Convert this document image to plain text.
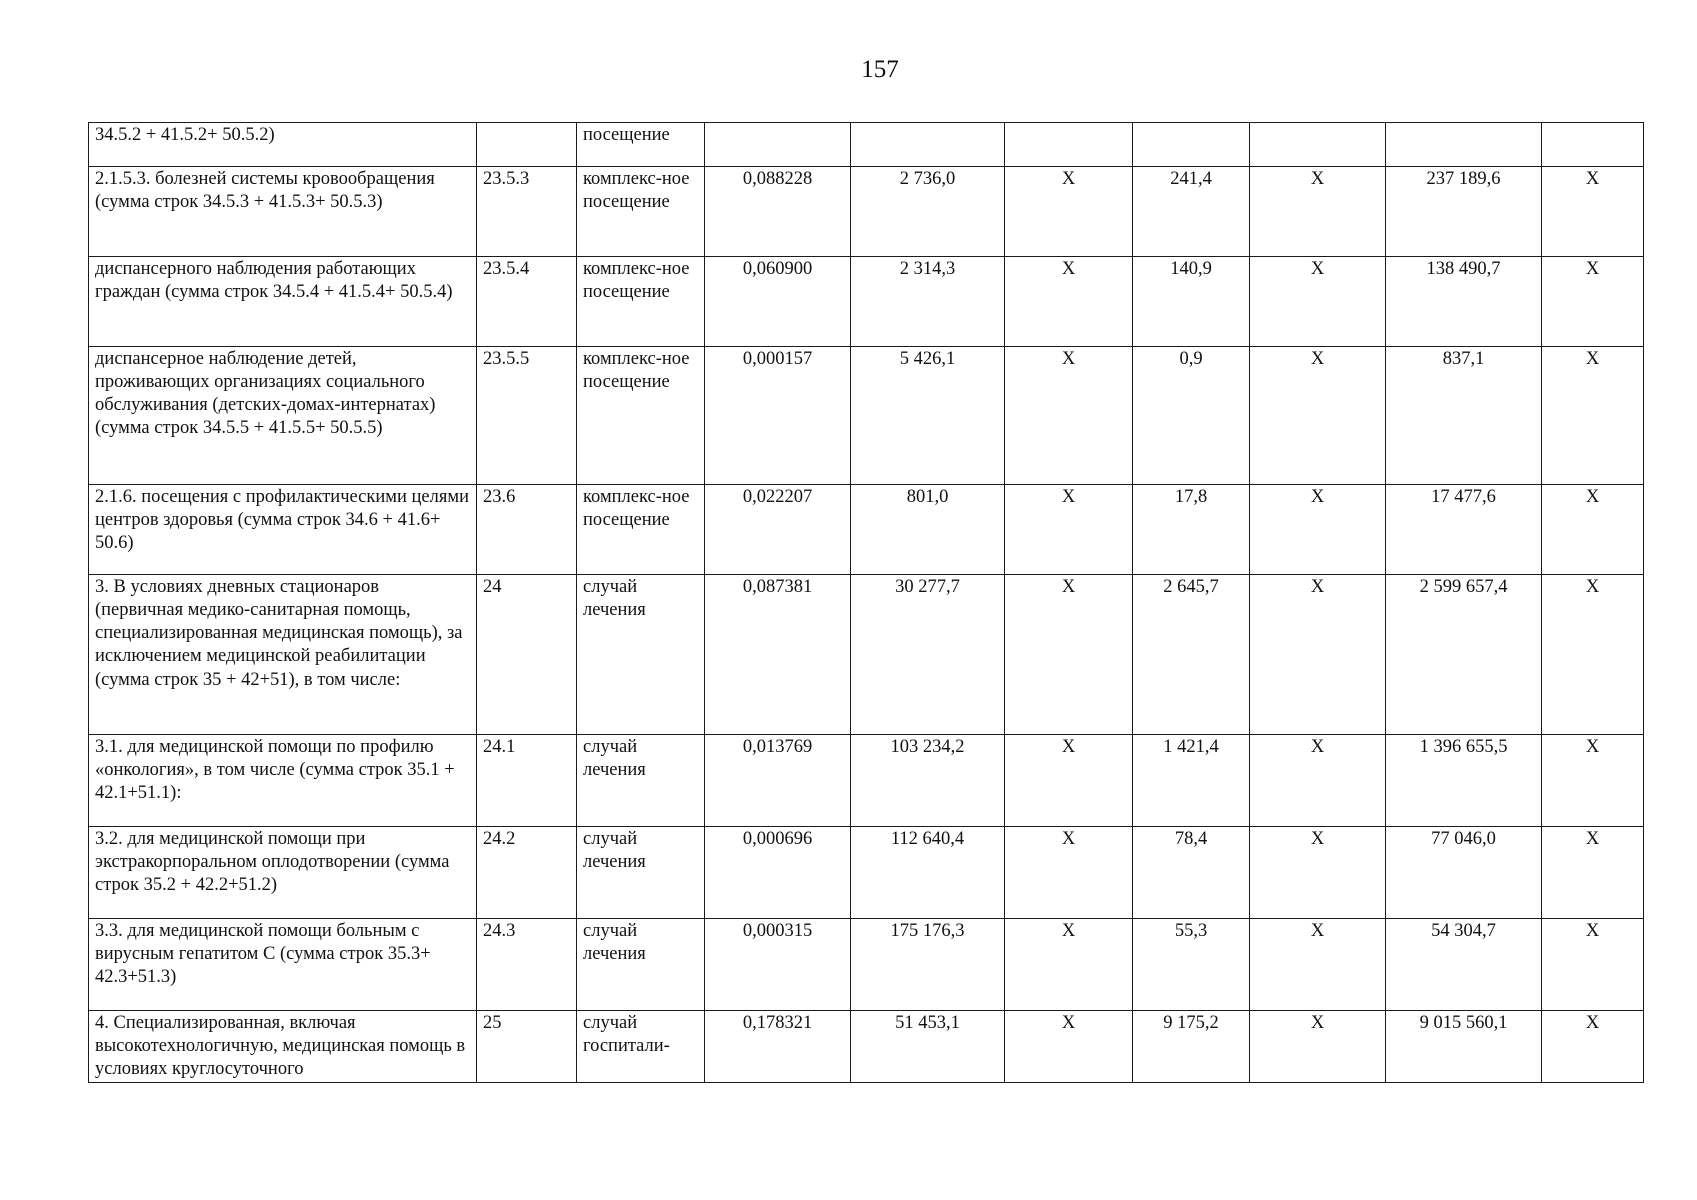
157
34.5.2 + 41.5.2+ 50.5.2)		посещение							
2.1.5.3. болезней системы кровообращения (сумма строк 34.5.3 + 41.5.3+ 50.5.3)	23.5.3	комплекс-ное посещение	0,088228	2 736,0	X	241,4	X	237 189,6	X
диспансерного наблюдения работающих граждан (сумма строк 34.5.4 + 41.5.4+ 50.5.4)	23.5.4	комплекс-ное посещение	0,060900	2 314,3	X	140,9	X	138 490,7	X
диспансерное наблюдение детей, проживающих организациях социального обслуживания (детских-домах-интернатах) (сумма строк 34.5.5 + 41.5.5+ 50.5.5)	23.5.5	комплекс-ное посещение	0,000157	5 426,1	X	0,9	X	837,1	X
2.1.6. посещения с профилактическими целями центров здоровья (сумма строк 34.6 + 41.6+ 50.6)	23.6	комплекс-ное посещение	0,022207	801,0	X	17,8	X	17 477,6	X
3. В условиях дневных стационаров (первичная медико-санитарная помощь, специализированная медицинская помощь), за исключением медицинской реабилитации (сумма строк 35 + 42+51), в том числе:	24	случай лечения	0,087381	30 277,7	X	2 645,7	X	2 599 657,4	X
3.1. для медицинской помощи по профилю «онкология», в том числе (сумма строк 35.1 + 42.1+51.1):	24.1	случай лечения	0,013769	103 234,2	X	1 421,4	X	1 396 655,5	X
3.2. для медицинской помощи при экстракорпоральном оплодотворении (сумма строк 35.2 + 42.2+51.2)	24.2	случай лечения	0,000696	112 640,4	X	78,4	X	77 046,0	X
3.3. для медицинской помощи больным с вирусным гепатитом С (сумма строк 35.3+ 42.3+51.3)	24.3	случай лечения	0,000315	175 176,3	X	55,3	X	54 304,7	X
4. Специализированная, включая высокотехнологичную, медицинская помощь в условиях круглосуточного	25	случай госпитали-	0,178321	51 453,1	X	9 175,2	X	9 015 560,1	X
